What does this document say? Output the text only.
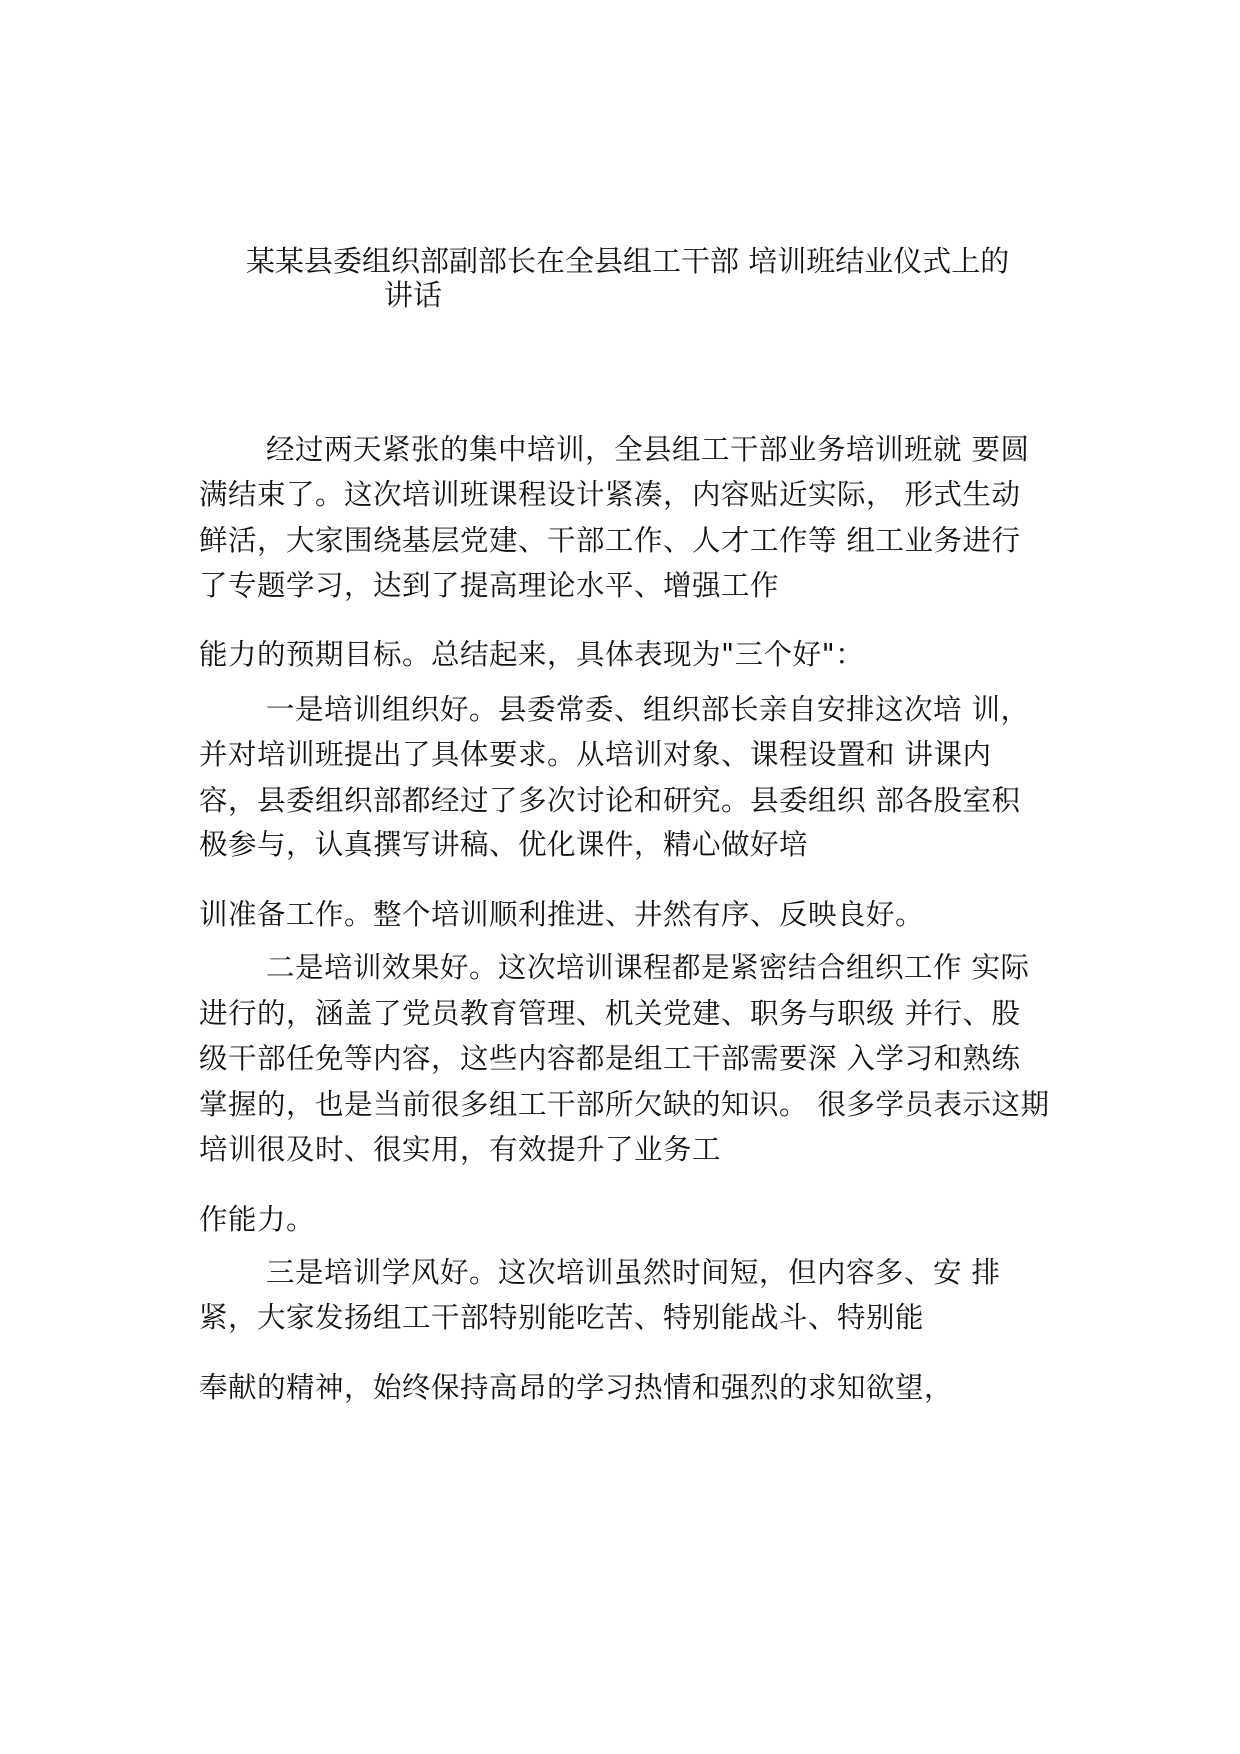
某某县委组织部副部长在全县组工干部 培训班结业仪式上的
讲话
经过两天紧张的集中培训，全县组工干部业务培训班就 要圆
满结束了。这次培训班课程设计紧凑，内容贴近实际， 形式生动
鲜活，大家围绕基层党建、干部工作、人才工作等 组工业务进行
了专题学习，达到了提高理论水平、增强工作
能力的预期目标。总结起来，具体表现为"三个好"：
一是培训组织好。县委常委、组织部长亲自安排这次培 训，
并对培训班提出了具体要求。从培训对象、课程设置和 讲课内
容，县委组织部都经过了多次讨论和研究。县委组织 部各股室积
极参与，认真撰写讲稿、优化课件，精心做好培
训准备工作。整个培训顺利推进、井然有序、反映良好。
二是培训效果好。这次培训课程都是紧密结合组织工作 实际
进行的，涵盖了党员教育管理、机关党建、职务与职级 并行、股
级干部任免等内容，这些内容都是组工干部需要深 入学习和熟练
掌握的，也是当前很多组工干部所欠缺的知识。 很多学员表示这期
培训很及时、很实用，有效提升了业务工
作能力。
三是培训学风好。这次培训虽然时间短，但内容多、安 排
紧，大家发扬组工干部特别能吃苦、特别能战斗、特别能
奉献的精神，始终保持高昂的学习热情和强烈的求知欲望，
